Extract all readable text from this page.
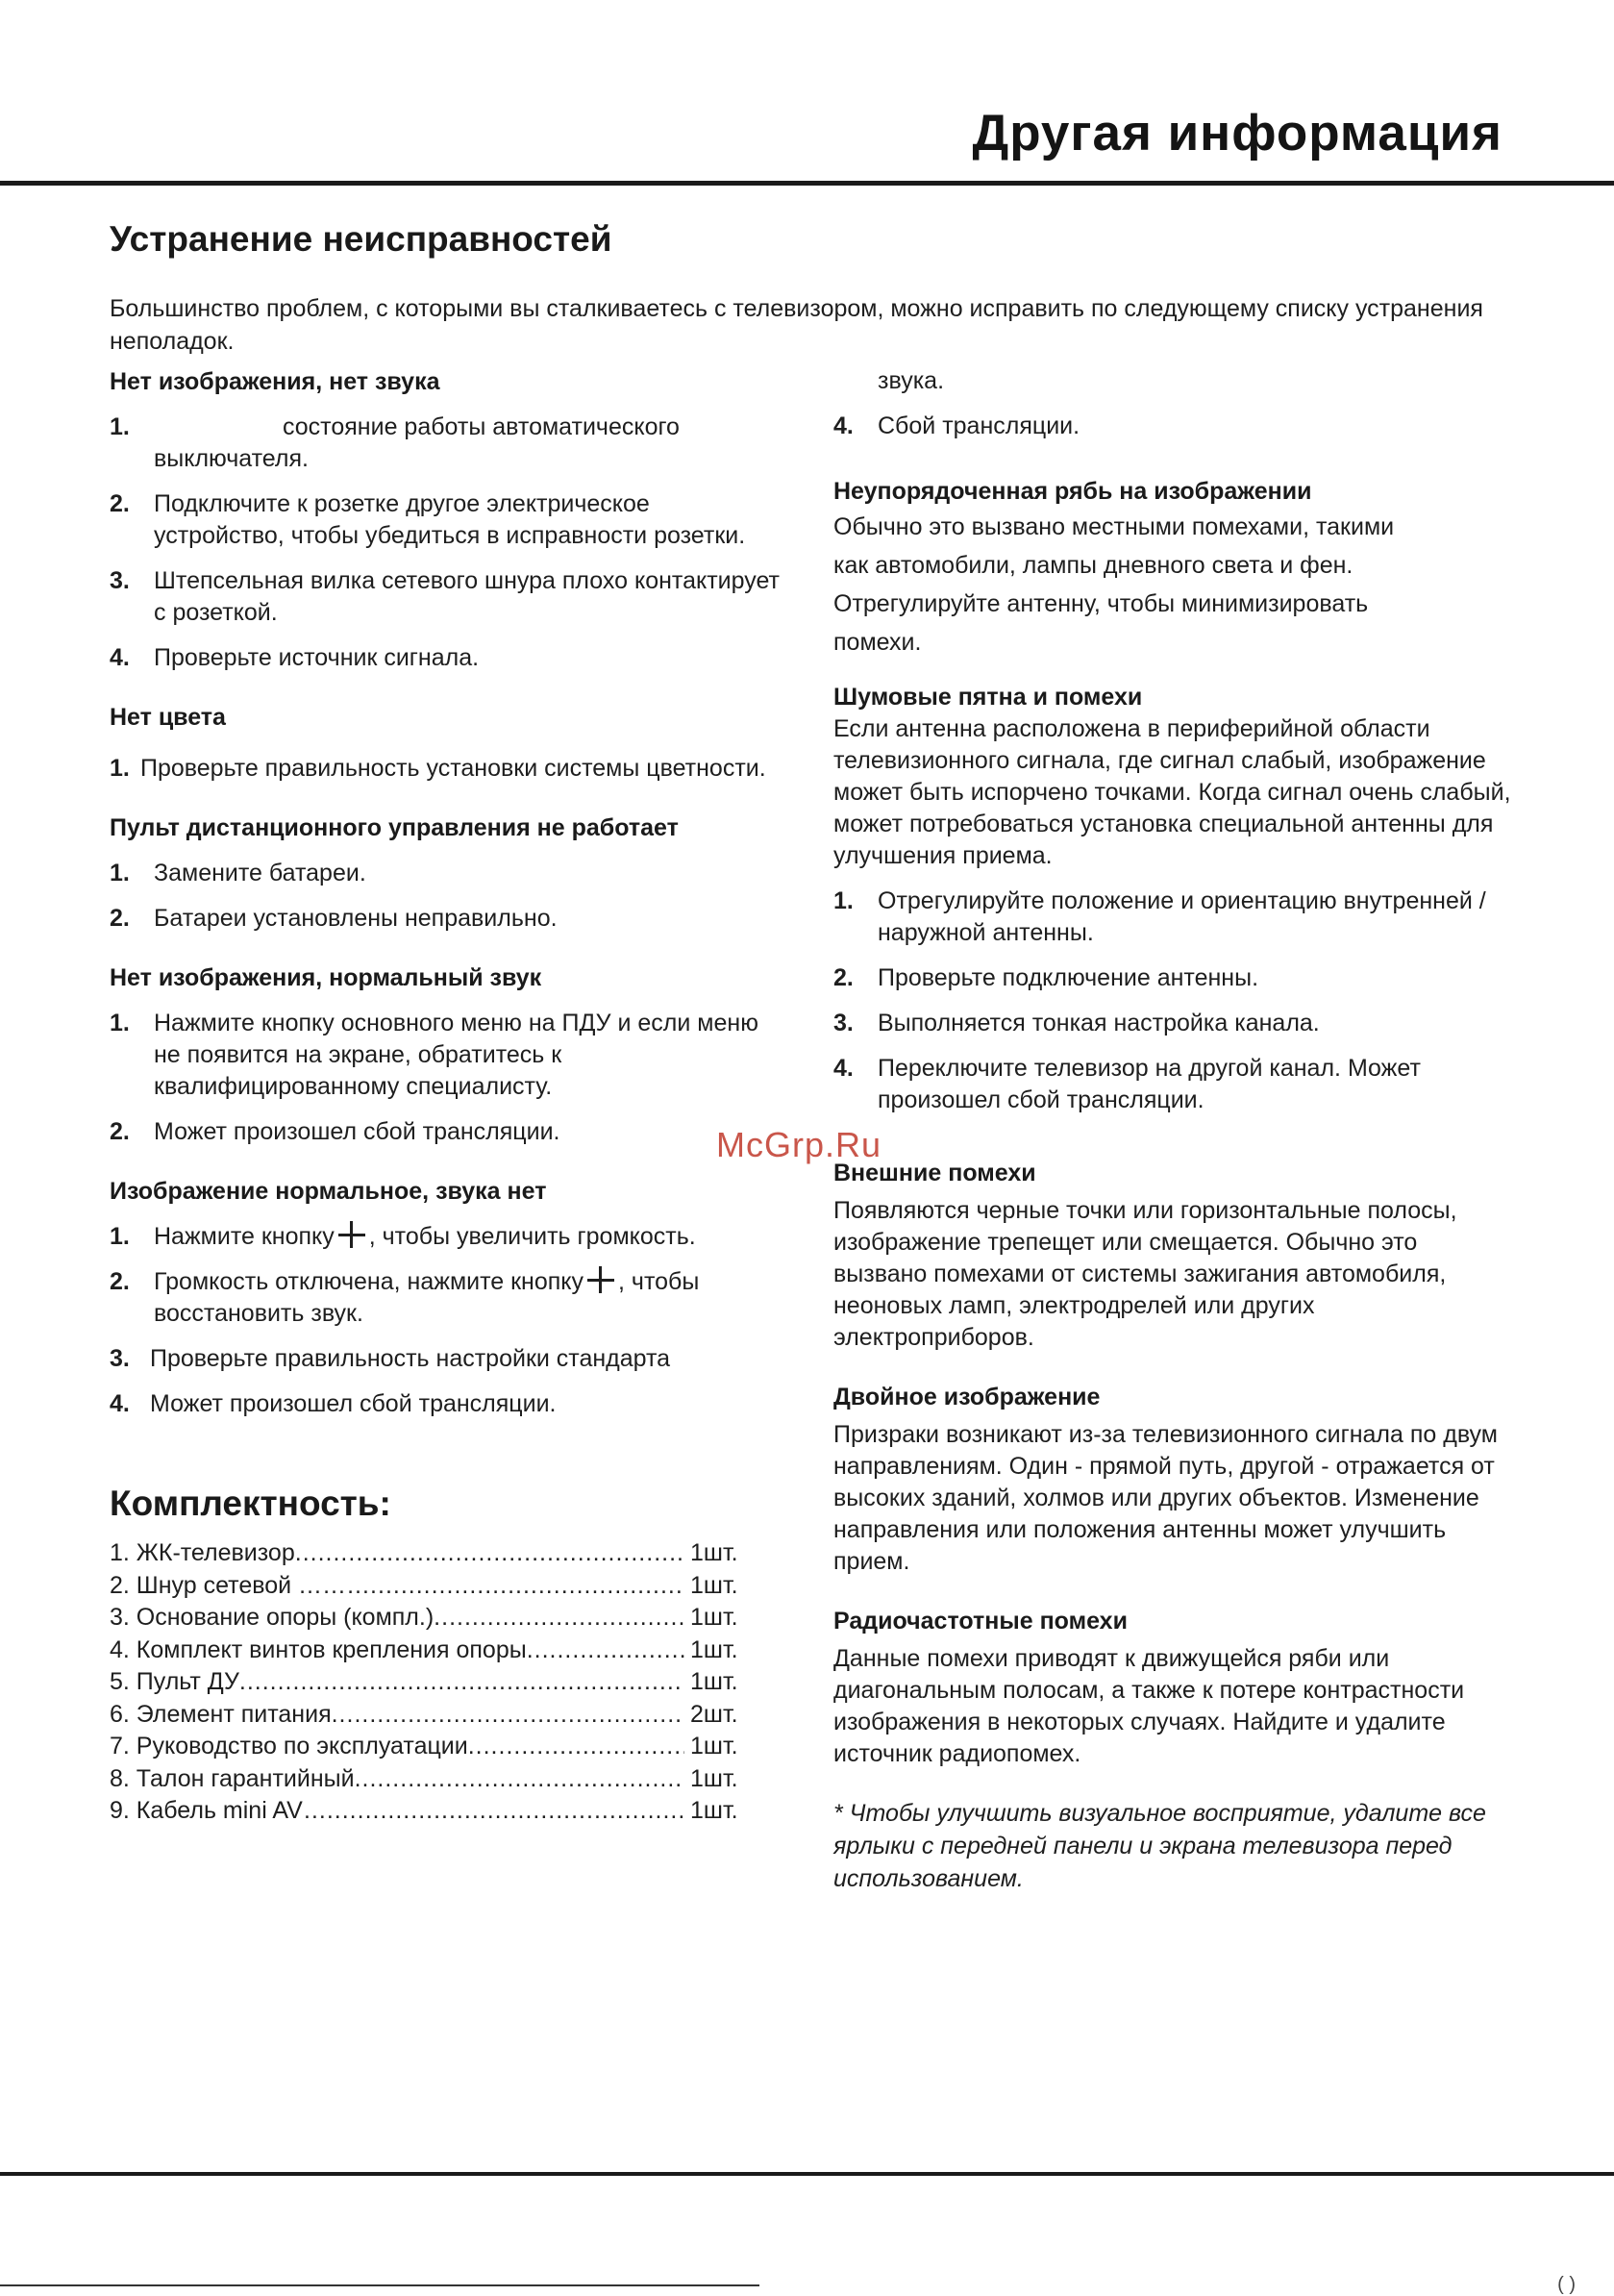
Другая информация
Устранение неисправностей
Большинство проблем, с которыми вы сталкиваетесь с телевизором, можно исправить по следующему списку устранения неполадок.
Нет изображения, нет звука
1.	состояние работы автоматического выключателя.
2. Подключите к розетке другое электрическое устройство, чтобы убедиться в исправности розетки.
3. Штепсельная вилка сетевого шнура плохо контактирует с розеткой.
4. Проверьте источник сигнала.
Нет цвета
1. Проверьте правильность установки системы цветности.
Пульт дистанционного управления не работает
1. Замените батареи.
2. Батареи установлены неправильно.
Нет изображения, нормальный звук
1. Нажмите кнопку основного меню на ПДУ и если меню не появится на экране, обратитесь к квалифицированному специалисту.
2. Может произошел сбой трансляции.
Изображение нормальное, звука нет
1. Нажмите кнопку , чтобы увеличить громкость.
2. Громкость отключена, нажмите кнопку , чтобы восстановить звук.
3. Проверьте правильность настройки стандарта
4. Может произошел сбой трансляции.
Комплектность:
1. ЖК-телевизор .....	1шт.
2. Шнур сетевой ……… .....	1шт.
3. Основание опоры (компл.) .....	1шт.
4. Комплект винтов крепления опоры .....	1шт.
5. Пульт ДУ .....	1шт.
6. Элемент питания .....	2шт.
7. Руководство по эксплуатации .....	1шт.
8. Талон гарантийный .....	1шт.
9. Кабель mini AV… .....	1шт.

звука.

4. Сбой трансляции.
Неупорядоченная рябь на изображении

Обычно это вызвано местными помехами, такими

как автомобили, лампы дневного света и фен.

Отрегулируйте антенну, чтобы минимизировать

помехи.

Шумовые пятна и помехи

Если антенна расположена в периферийной области телевизионного сигнала, где сигнал слабый, изображение может быть испорчено точками. Когда сигнал очень слабый, может потребоваться установка специальной антенны для улучшения приема.

1. Отрегулируйте положение и ориентацию внутренней / наружной антенны.
2. Проверьте подключение антенны.
3. Выполняется тонкая настройка канала.
4. Переключите телевизор на другой канал. Может произошел сбой трансляции.
Внешние помехи

Появляются черные точки или горизонтальные полосы, изображение трепещет или смещается. Обычно это вызвано помехами от системы зажигания автомобиля, неоновых ламп, электродрелей или других электроприборов.

Двойное изображение

Призраки возникают из-за телевизионного сигнала по двум направлениям. Один - прямой путь, другой - отражается от высоких зданий, холмов или других объектов. Изменение направления или положения антенны может улучшить прием.

Радиочастотные помехи

Данные помехи приводят к движущейся ряби или диагональным полосам, а также к потере контрастности изображения в некоторых случаях. Найдите и удалите источник радиопомех.

* Чтобы улучшить визуальное восприятие, удалите все ярлыки с передней панели и экрана телевизора перед использованием.

McGrp.Ru
( )
